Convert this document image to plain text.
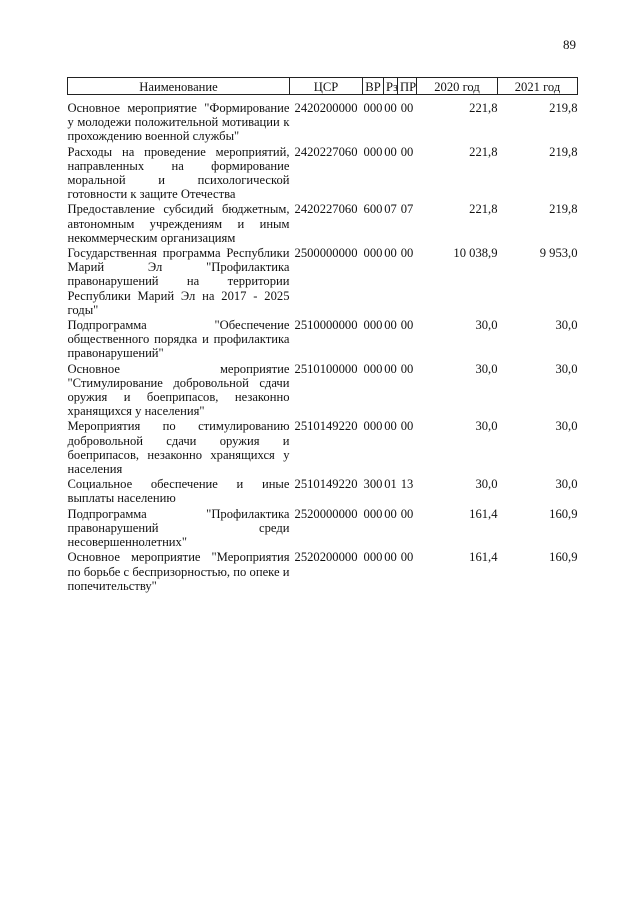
89
Наименование	ЦСР	ВР	Рз	ПР	2020 год	2021 год
Основное мероприятие "Формирование у молодежи положительной мотивации к прохождению военной службы"	2420200000	000	00	00	221,8	219,8
Расходы на проведение мероприятий, направленных на формирование моральной и психологической готовности к защите Отечества	2420227060	000	00	00	221,8	219,8
Предоставление субсидий бюджетным, автономным учреждениям и иным некоммерческим организациям	2420227060	600	07	07	221,8	219,8
Государственная программа Республики Марий Эл "Профилактика правонарушений на территории Республики Марий Эл на 2017 - 2025 годы"	2500000000	000	00	00	10 038,9	9 953,0
Подпрограмма "Обеспечение общественного порядка и профилактика правонарушений"	2510000000	000	00	00	30,0	30,0
Основное мероприятие "Стимулирование добровольной сдачи оружия и боеприпасов, незаконно хранящихся у населения"	2510100000	000	00	00	30,0	30,0
Мероприятия по стимулированию добровольной сдачи оружия и боеприпасов, незаконно хранящихся у населения	2510149220	000	00	00	30,0	30,0
Социальное обеспечение и иные выплаты населению	2510149220	300	01	13	30,0	30,0
Подпрограмма "Профилактика правонарушений среди несовершеннолетних"	2520000000	000	00	00	161,4	160,9
Основное мероприятие "Мероприятия по борьбе с беспризорностью, по опеке и попечительству"	2520200000	000	00	00	161,4	160,9
